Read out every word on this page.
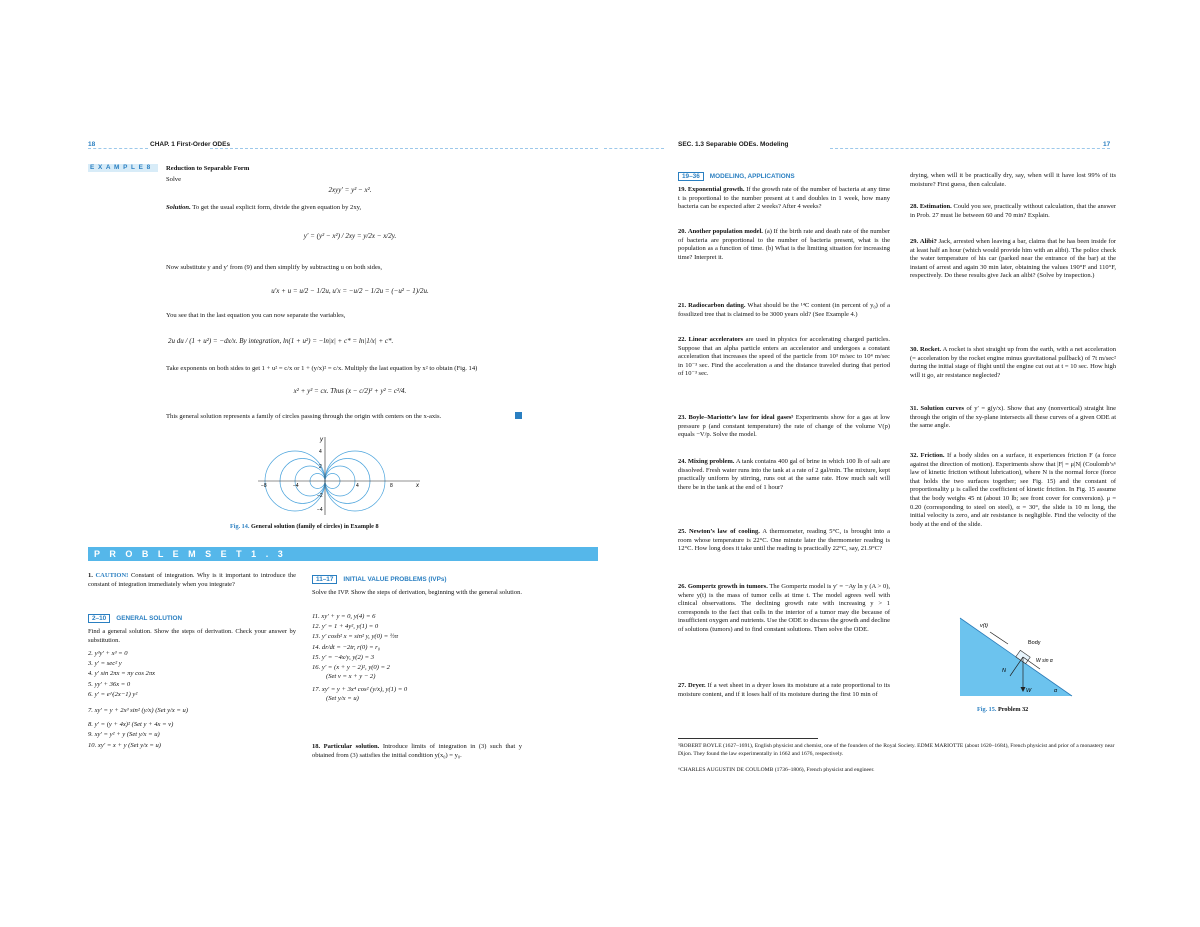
18	CHAP. 1 First-Order ODEs
E X A M P L E 8 Reduction to Separable Form
Solve
2xyy′ = y² − x².
Solution. To get the usual explicit form, divide the given equation by 2xy,
y′ = (y² − x²) / 2xy = y/2x − x/2y.
Now substitute y and y′ from (9) and then simplify by subtracting u on both sides,
u′x + u = u/2 − 1/2u, u′x = −u/2 − 1/2u = (−u² − 1)/2u.
You see that in the last equation you can now separate the variables,
2u du / (1 + u²) = −dx/x. By integration, ln(1 + u²) = −ln|x| + c* = ln|1/x| + c*.
Take exponents on both sides to get 1 + u² = c/x or 1 + (y/x)² = c/x. Multiply the last equation by x² to obtain (Fig. 14)
x² + y² = cx. Thus (x − c/2)² + y² = c²/4.
This general solution represents a family of circles passing through the origin with centers on the x-axis.
x
y
−8	−4	4	8
4
2
−2
−4
Fig. 14. General solution (family of circles) in Example 8
P R O B L E M S E T 1 . 3
1. CAUTION! Constant of integration. Why is it important to introduce the constant of integration immediately when you integrate?
2–10 GENERAL SOLUTION
Find a general solution. Show the steps of derivation. Check your answer by substitution.
2. y³y′ + x³ = 0
3. y′ = sec² y
4. y′ sin 2πx = πy cos 2πx
5. yy′ + 36x = 0
6. y′ = e^(2x−1) y²
7. xy′ = y + 2x³ sin² (y/x) (Set y/x = u)
8. y′ = (y + 4x)² (Set y + 4x = v)
9. xy′ = y² + y (Set y/x = u)
10. xy′ = x + y (Set y/x = u)
11–17 INITIAL VALUE PROBLEMS (IVPs)
Solve the IVP. Show the steps of derivation, beginning with the general solution.
11. xy′ + y = 0, y(4) = 6
12. y′ = 1 + 4y², y(1) = 0
13. y′ cosh² x = sin² y, y(0) = ½π
14. dr/dt = −2tr, r(0) = r₀
15. y′ = −4x/y, y(2) = 3
16. y′ = (x + y − 2)², y(0) = 2
(Set v = x + y − 2)
17. xy′ = y + 3x⁴ cos² (y/x), y(1) = 0
(Set y/x = u)
18. Particular solution. Introduce limits of integration in (3) such that y obtained from (3) satisfies the initial condition y(x₀) = y₀.
SEC. 1.3 Separable ODEs. Modeling	17
19–36 MODELING, APPLICATIONS
19. Exponential growth. If the growth rate of the number of bacteria at any time t is proportional to the number present at t and doubles in 1 week, how many bacteria can be expected after 2 weeks? After 4 weeks?
20. Another population model. (a) If the birth rate and death rate of the number of bacteria are proportional to the number of bacteria present, what is the population as a function of time. (b) What is the limiting situation for increasing time? Interpret it.
21. Radiocarbon dating. What should be the ¹⁴C content (in percent of y₀) of a fossilized tree that is claimed to be 3000 years old? (See Example 4.)
22. Linear accelerators are used in physics for accelerating charged particles. Suppose that an alpha particle enters an accelerator and undergoes a constant acceleration that increases the speed of the particle from 10³ m/sec to 10⁴ m/sec in 10⁻³ sec. Find the acceleration a and the distance traveled during that period of 10⁻³ sec.
23. Boyle–Mariotte’s law for ideal gases⁵ Experiments show for a gas at low pressure p (and constant temperature) the rate of change of the volume V(p) equals −V/p. Solve the model.
24. Mixing problem. A tank contains 400 gal of brine in which 100 lb of salt are dissolved. Fresh water runs into the tank at a rate of 2 gal/min. The mixture, kept practically uniform by stirring, runs out at the same rate. How much salt will there be in the tank at the end of 1 hour?
25. Newton’s law of cooling. A thermometer, reading 5°C, is brought into a room whose temperature is 22°C. One minute later the thermometer reading is 12°C. How long does it take until the reading is practically 22°C, say, 21.9°C?
26. Gompertz growth in tumors. The Gompertz model is y′ = −Ay ln y (A > 0), where y(t) is the mass of tumor cells at time t. The model agrees well with clinical observations. The declining growth rate with increasing y > 1 corresponds to the fact that cells in the interior of a tumor may die because of insufficient oxygen and nutrients. Use the ODE to discuss the growth and decline of solutions (tumors) and to find constant solutions. Then solve the ODE.
27. Dryer. If a wet sheet in a dryer loses its moisture at a rate proportional to its moisture content, and if it loses half of its moisture during the first 10 min of
drying, when will it be practically dry, say, when will it have lost 99% of its moisture? First guess, then calculate.
28. Estimation. Could you see, practically without calculation, that the answer in Prob. 27 must lie between 60 and 70 min? Explain.
29. Alibi? Jack, arrested when leaving a bar, claims that he has been inside for at least half an hour (which would provide him with an alibi). The police check the water temperature of his car (parked near the entrance of the bar) at the instant of arrest and again 30 min later, obtaining the values 190°F and 110°F, respectively. Do these results give Jack an alibi? (Solve by inspection.)
30. Rocket. A rocket is shot straight up from the earth, with a net acceleration (= acceleration by the rocket engine minus gravitational pullback) of 7t m/sec² during the initial stage of flight until the engine cut out at t = 10 sec. How high will it go, air resistance neglected?
31. Solution curves of y′ = g(y/x). Show that any (nonvertical) straight line through the origin of the xy-plane intersects all these curves of a given ODE at the same angle.
32. Friction. If a body slides on a surface, it experiences friction F (a force against the direction of motion). Experiments show that |F| = μ|N| (Coulomb’s⁶ law of kinetic friction without lubrication), where N is the normal force (force that holds the two surfaces together; see Fig. 15) and the constant of proportionality μ is called the coefficient of kinetic friction. In Fig. 15 assume that the body weighs 45 nt (about 10 lb; see front cover for conversion). μ = 0.20 (corresponding to steel on steel), α = 30°, the slide is 10 m long, the initial velocity is zero, and air resistance is negligible. Find the velocity of the body at the end of the slide.
v(t)
Body
W sin α
N
W	α
Fig. 15. Problem 32
⁵ROBERT BOYLE (1627–1691), English physicist and chemist, one of the founders of the Royal Society. EDME MARIOTTE (about 1620–1684), French physicist and prior of a monastery near Dijon. They found the law experimentally in 1662 and 1676, respectively.
⁶CHARLES AUGUSTIN DE COULOMB (1736–1806), French physicist and engineer.
